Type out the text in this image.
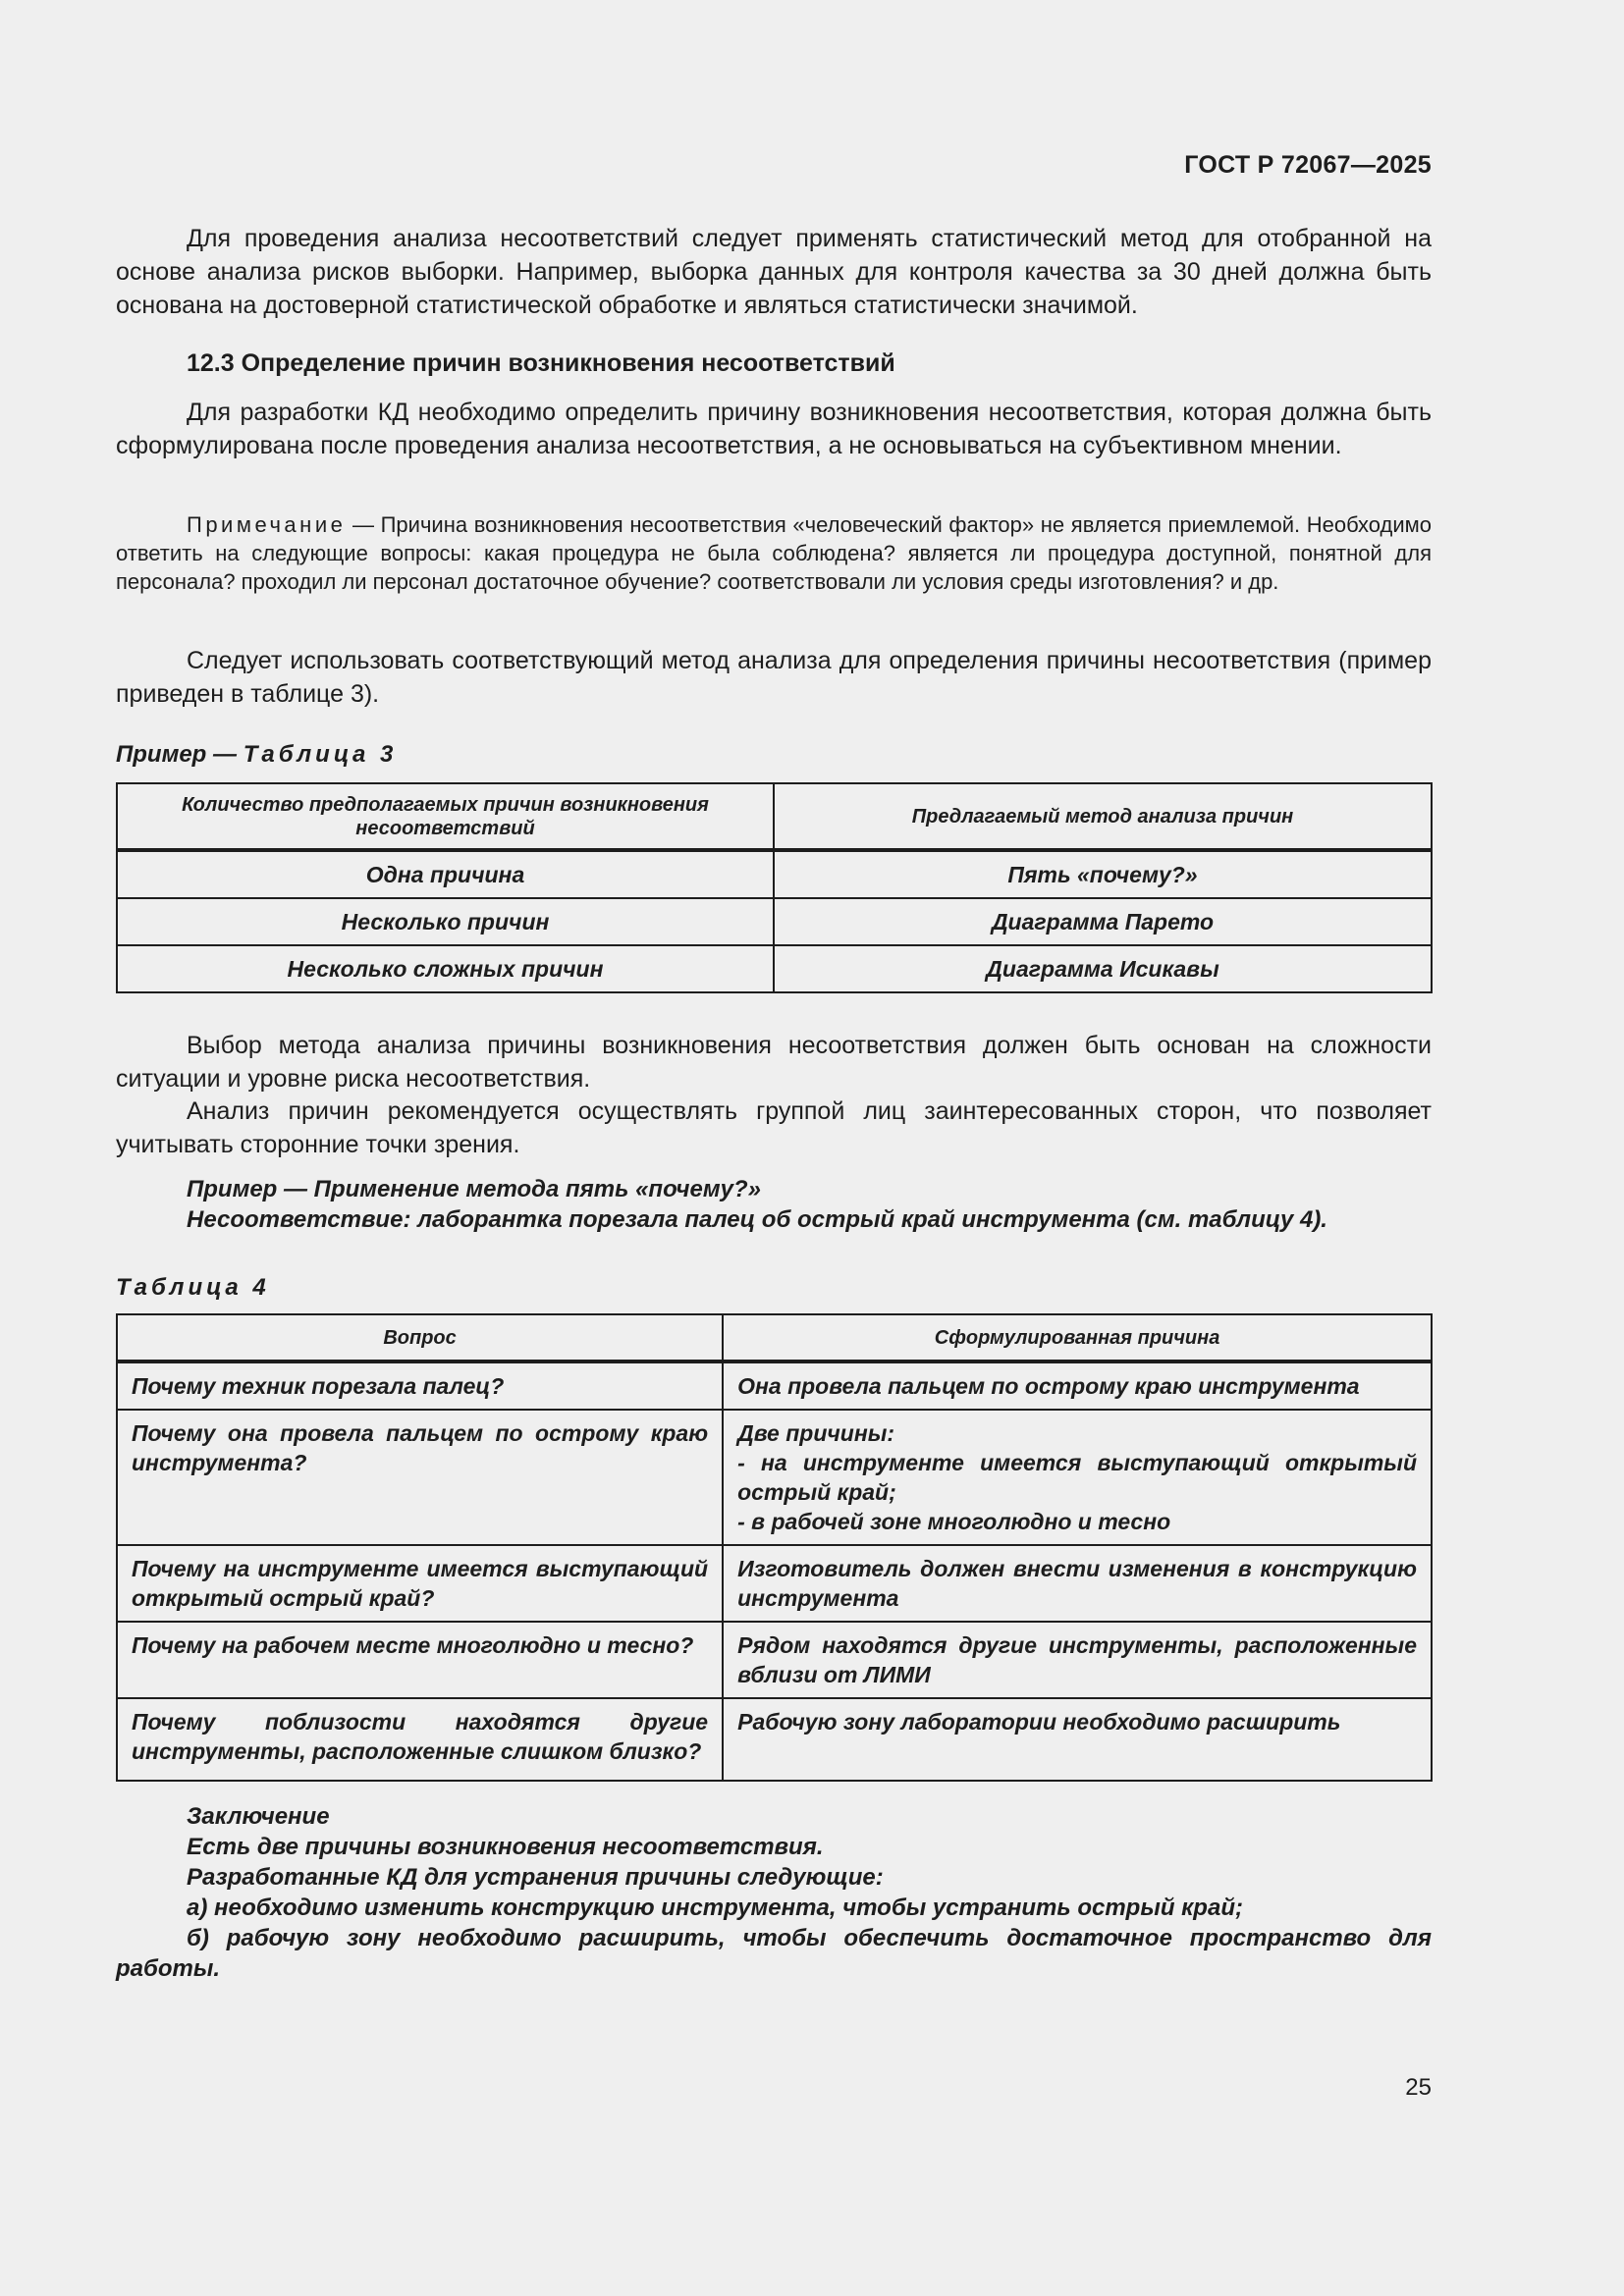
ГОСТ Р 72067—2025
Для проведения анализа несоответствий следует применять статистический метод для отобранной на основе анализа рисков выборки. Например, выборка данных для контроля качества за 30 дней должна быть основана на достоверной статистической обработке и являться статистически значимой.
12.3 Определение причин возникновения несоответствий
Для разработки КД необходимо определить причину возникновения несоответствия, которая должна быть сформулирована после проведения анализа несоответствия, а не основываться на субъективном мнении.
Примечание — Причина возникновения несоответствия «человеческий фактор» не является приемлемой. Необходимо ответить на следующие вопросы: какая процедура не была соблюдена? является ли процедура доступной, понятной для персонала? проходил ли персонал достаточное обучение? соответствовали ли условия среды изготовления? и др.
Следует использовать соответствующий метод анализа для определения причины несоответствия (пример приведен в таблице 3).
Пример — Таблица 3
Количество предполагаемых причин возникновения несоответствий	Предлагаемый метод анализа причин
Одна причина	Пять «почему?»
Несколько причин	Диаграмма Парето
Несколько сложных причин	Диаграмма Исикавы
Выбор метода анализа причины возникновения несоответствия должен быть основан на сложности ситуации и уровне риска несоответствия.
Анализ причин рекомендуется осуществлять группой лиц заинтересованных сторон, что позволяет учитывать сторонние точки зрения.
Пример — Применение метода пять «почему?»
Несоответствие: лаборантка порезала палец об острый край инструмента (см. таблицу 4).
Таблица 4
Вопрос	Сформулированная причина
Почему техник порезала палец?	Она провела пальцем по острому краю инструмента

Почему она провела пальцем по острому краю инструмента?	Две причины:
- на инструменте имеется выступающий открытый острый край;
- в рабочей зоне многолюдно и тесно

Почему на инструменте имеется выступающий открытый острый край?	Изготовитель должен внести изменения в конструкцию инструмента

Почему на рабочем месте многолюдно и тесно?	Рядом находятся другие инструменты, расположенные вблизи от ЛИМИ

Почему поблизости находятся другие инструменты, расположенные слишком близко?	Рабочую зону лаборатории необходимо расширить
Заключение
Есть две причины возникновения несоответствия.
Разработанные КД для устранения причины следующие:
а) необходимо изменить конструкцию инструмента, чтобы устранить острый край;
б) рабочую зону необходимо расширить, чтобы обеспечить достаточное пространство для работы.
25
